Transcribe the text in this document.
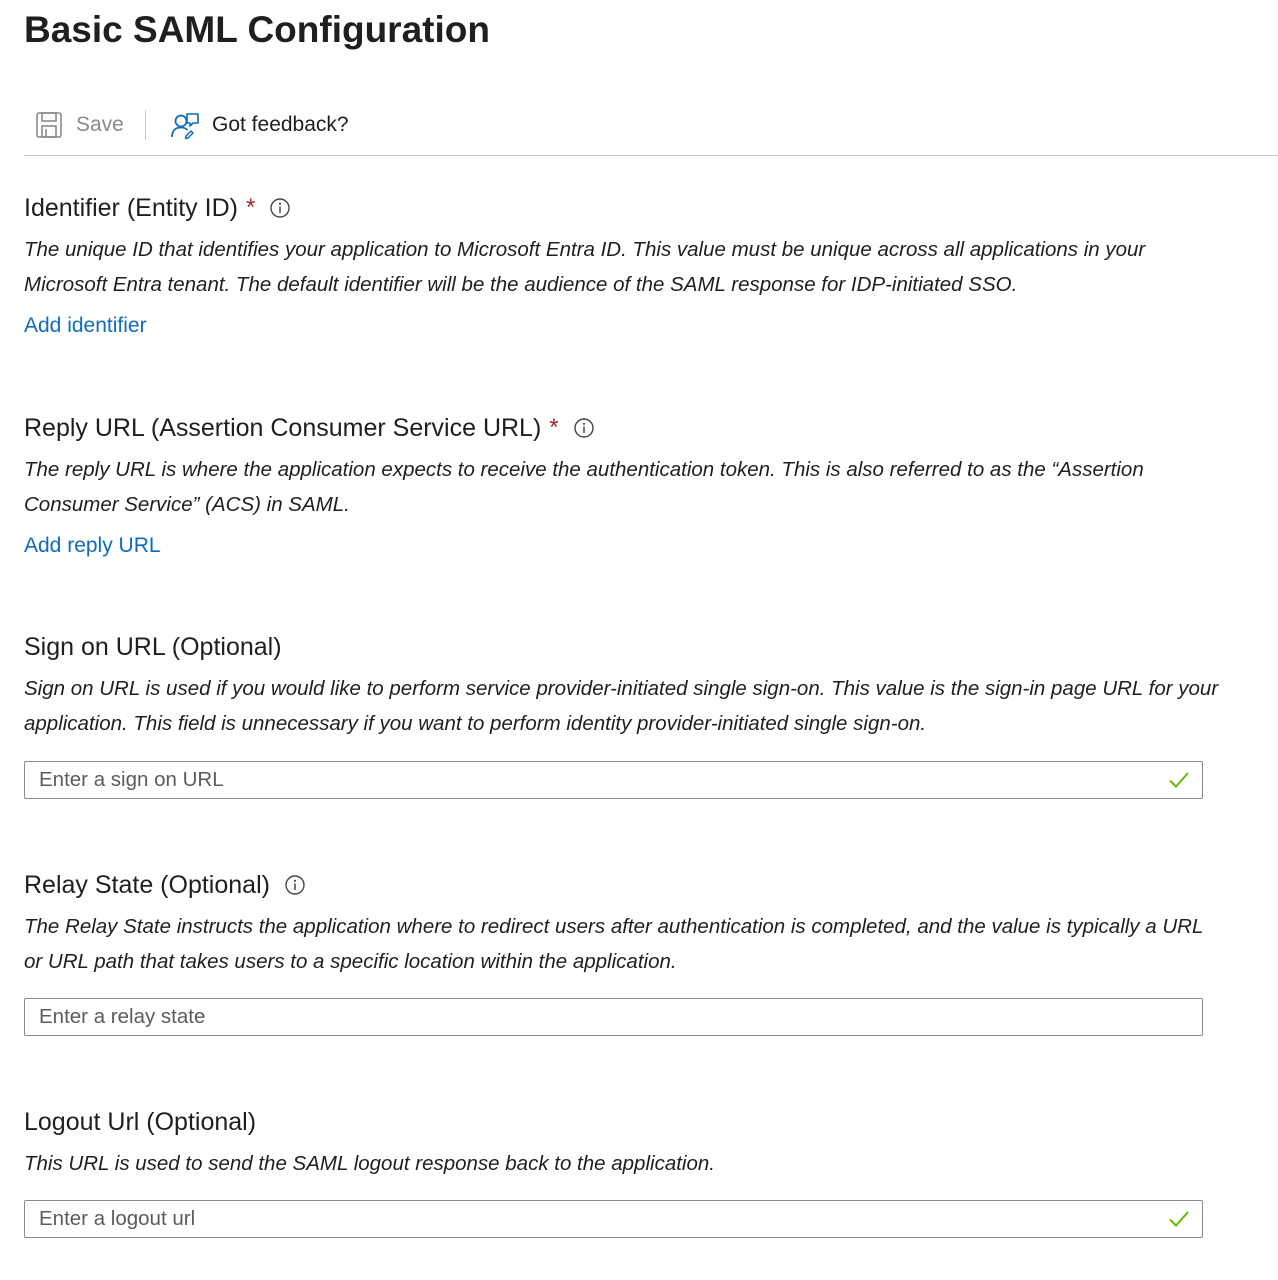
Basic SAML Configuration
Save	Got feedback?
Identifier (Entity ID) *

The unique ID that identifies your application to Microsoft Entra ID. This value must be unique across all applications in your Microsoft Entra tenant. The default identifier will be the audience of the SAML response for IDP-initiated SSO.

Add identifier
Reply URL (Assertion Consumer Service URL) *

The reply URL is where the application expects to receive the authentication token. This is also referred to as the “Assertion Consumer Service” (ACS) in SAML.

Add reply URL
Sign on URL (Optional)

Sign on URL is used if you would like to perform service provider-initiated single sign-on. This value is the sign-in page URL for your application. This field is unnecessary if you want to perform identity provider-initiated single sign-on.

Enter a sign on URL
Relay State (Optional)

The Relay State instructs the application where to redirect users after authentication is completed, and the value is typically a URL or URL path that takes users to a specific location within the application.

Enter a relay state
Logout Url (Optional)

This URL is used to send the SAML logout response back to the application.

Enter a logout url
